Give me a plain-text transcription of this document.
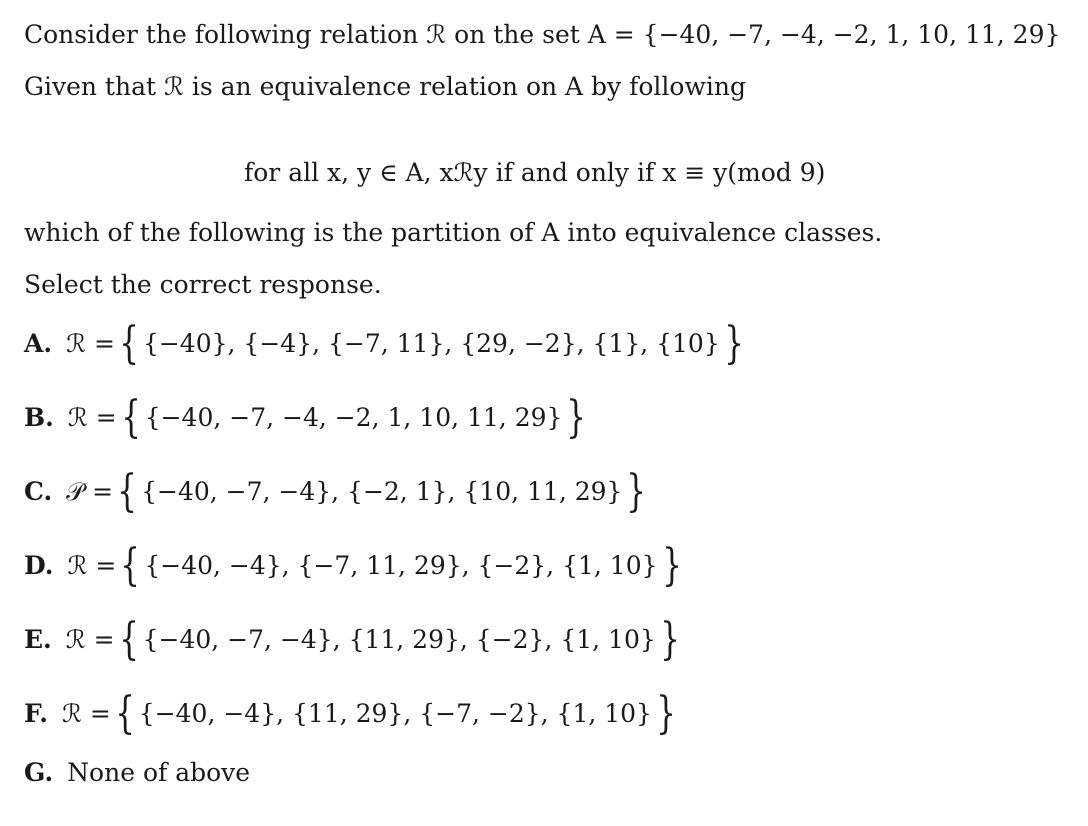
Consider the following relation ℛ on the set A = {−40, −7, −4, −2, 1, 10, 11, 29}
Given that ℛ is an equivalence relation on A by following
for all x, y ∈ A, xℛy if and only if x ≡ y(mod 9)
which of the following is the partition of A into equivalence classes.
Select the correct response.
A. ℛ = { {−40}, {−4}, {−7, 11}, {29, −2}, {1}, {10} }
B. ℛ = { {−40, −7, −4, −2, 1, 10, 11, 29} }
C. 𝒫 = { {−40, −7, −4}, {−2, 1}, {10, 11, 29} }
D. ℛ = { {−40, −4}, {−7, 11, 29}, {−2}, {1, 10} }
E. ℛ = { {−40, −7, −4}, {11, 29}, {−2}, {1, 10} }
F. ℛ = { {−40, −4}, {11, 29}, {−7, −2}, {1, 10} }
G. None of above
